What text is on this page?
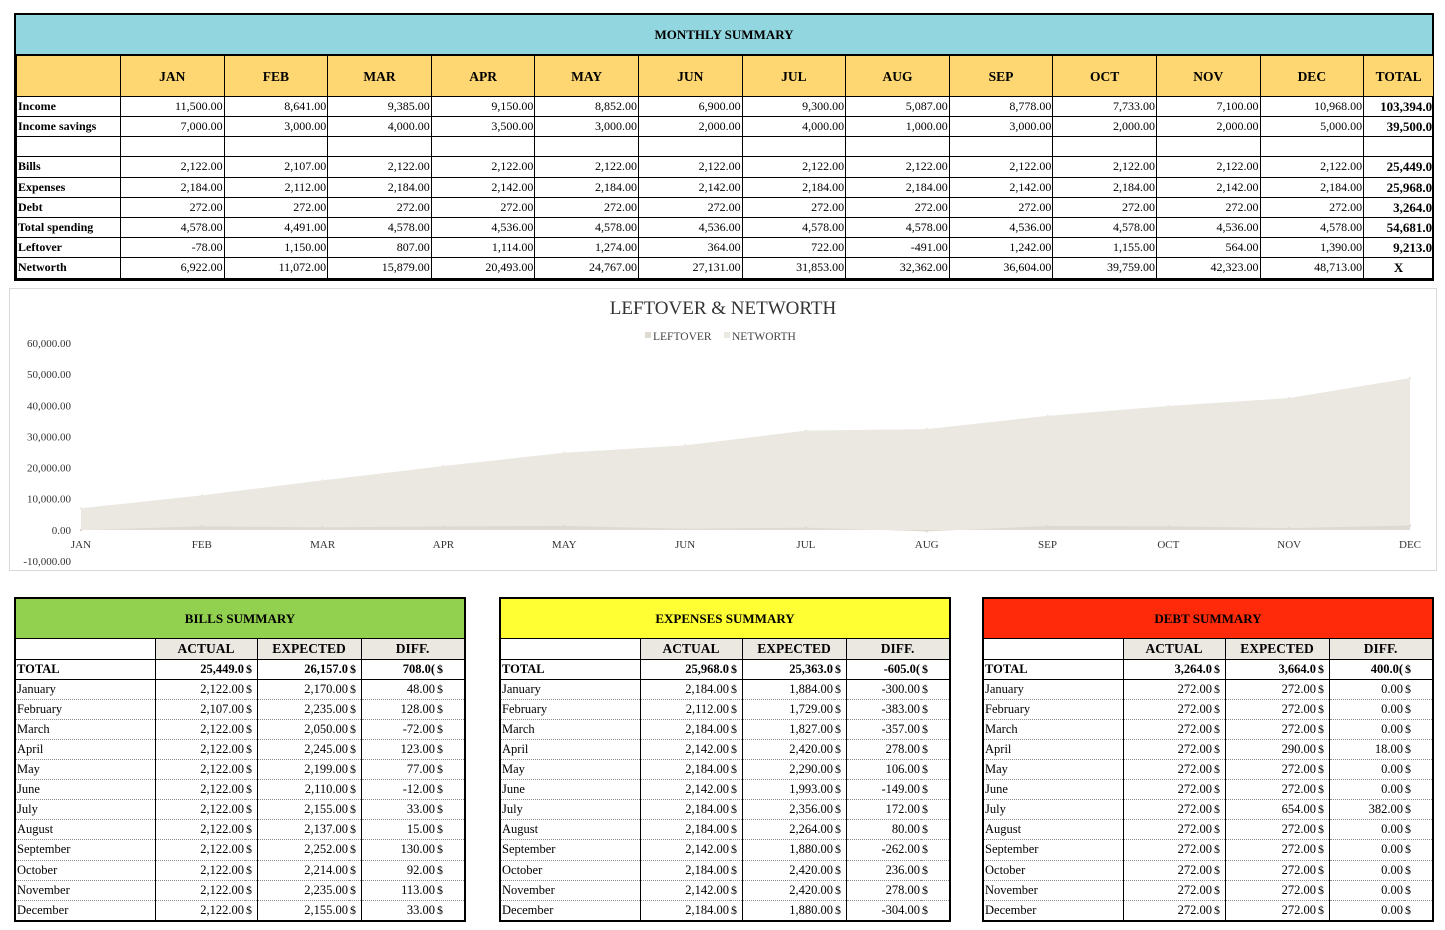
MONTHLY SUMMARY
	JAN	FEB	MAR	APR	MAY	JUN	JUL	AUG	SEP	OCT	NOV	DEC	TOTAL
Income	11,500.00	8,641.00	9,385.00	9,150.00	8,852.00	6,900.00	9,300.00	5,087.00	8,778.00	7,733.00	7,100.00	10,968.00	103,394.0
Income savings	7,000.00	3,000.00	4,000.00	3,500.00	3,000.00	2,000.00	4,000.00	1,000.00	3,000.00	2,000.00	2,000.00	5,000.00	39,500.0

Bills	2,122.00	2,107.00	2,122.00	2,122.00	2,122.00	2,122.00	2,122.00	2,122.00	2,122.00	2,122.00	2,122.00	2,122.00	25,449.0
Expenses	2,184.00	2,112.00	2,184.00	2,142.00	2,184.00	2,142.00	2,184.00	2,184.00	2,142.00	2,184.00	2,142.00	2,184.00	25,968.0
Debt	272.00	272.00	272.00	272.00	272.00	272.00	272.00	272.00	272.00	272.00	272.00	272.00	3,264.0
Total spending	4,578.00	4,491.00	4,578.00	4,536.00	4,578.00	4,536.00	4,578.00	4,578.00	4,536.00	4,578.00	4,536.00	4,578.00	54,681.0
Leftover	-78.00	1,150.00	807.00	1,114.00	1,274.00	364.00	722.00	-491.00	1,242.00	1,155.00	564.00	1,390.00	9,213.0
Networth	6,922.00	11,072.00	15,879.00	20,493.00	24,767.00	27,131.00	31,853.00	32,362.00	36,604.00	39,759.00	42,323.00	48,713.00	X
LEFTOVER & NETWORTH
LEFTOVER NETWORTH
-10,000.00
0.00
10,000.00
20,000.00
30,000.00
40,000.00
50,000.00
60,000.00
JAN	FEB	MAR	APR	MAY	JUN	JUL	AUG	SEP	OCT	NOV	DEC
BILLS SUMMARY
	ACTUAL		EXPECTED		DIFF.	
TOTAL	25,449.0	$	26,157.0	$	708.0(	$
January	2,122.00	$	2,170.00	$	48.00	$
February	2,107.00	$	2,235.00	$	128.00	$
March	2,122.00	$	2,050.00	$	-72.00	$
April	2,122.00	$	2,245.00	$	123.00	$
May	2,122.00	$	2,199.00	$	77.00	$
June	2,122.00	$	2,110.00	$	-12.00	$
July	2,122.00	$	2,155.00	$	33.00	$
August	2,122.00	$	2,137.00	$	15.00	$
September	2,122.00	$	2,252.00	$	130.00	$
October	2,122.00	$	2,214.00	$	92.00	$
November	2,122.00	$	2,235.00	$	113.00	$
December	2,122.00	$	2,155.00	$	33.00	$
EXPENSES SUMMARY
	ACTUAL		EXPECTED		DIFF.	
TOTAL	25,968.0	$	25,363.0	$	-605.0(	$
January	2,184.00	$	1,884.00	$	-300.00	$
February	2,112.00	$	1,729.00	$	-383.00	$
March	2,184.00	$	1,827.00	$	-357.00	$
April	2,142.00	$	2,420.00	$	278.00	$
May	2,184.00	$	2,290.00	$	106.00	$
June	2,142.00	$	1,993.00	$	-149.00	$
July	2,184.00	$	2,356.00	$	172.00	$
August	2,184.00	$	2,264.00	$	80.00	$
September	2,142.00	$	1,880.00	$	-262.00	$
October	2,184.00	$	2,420.00	$	236.00	$
November	2,142.00	$	2,420.00	$	278.00	$
December	2,184.00	$	1,880.00	$	-304.00	$
DEBT SUMMARY
	ACTUAL		EXPECTED		DIFF.	
TOTAL	3,264.0	$	3,664.0	$	400.0(	$
January	272.00	$	272.00	$	0.00	$
February	272.00	$	272.00	$	0.00	$
March	272.00	$	272.00	$	0.00	$
April	272.00	$	290.00	$	18.00	$
May	272.00	$	272.00	$	0.00	$
June	272.00	$	272.00	$	0.00	$
July	272.00	$	654.00	$	382.00	$
August	272.00	$	272.00	$	0.00	$
September	272.00	$	272.00	$	0.00	$
October	272.00	$	272.00	$	0.00	$
November	272.00	$	272.00	$	0.00	$
December	272.00	$	272.00	$	0.00	$
